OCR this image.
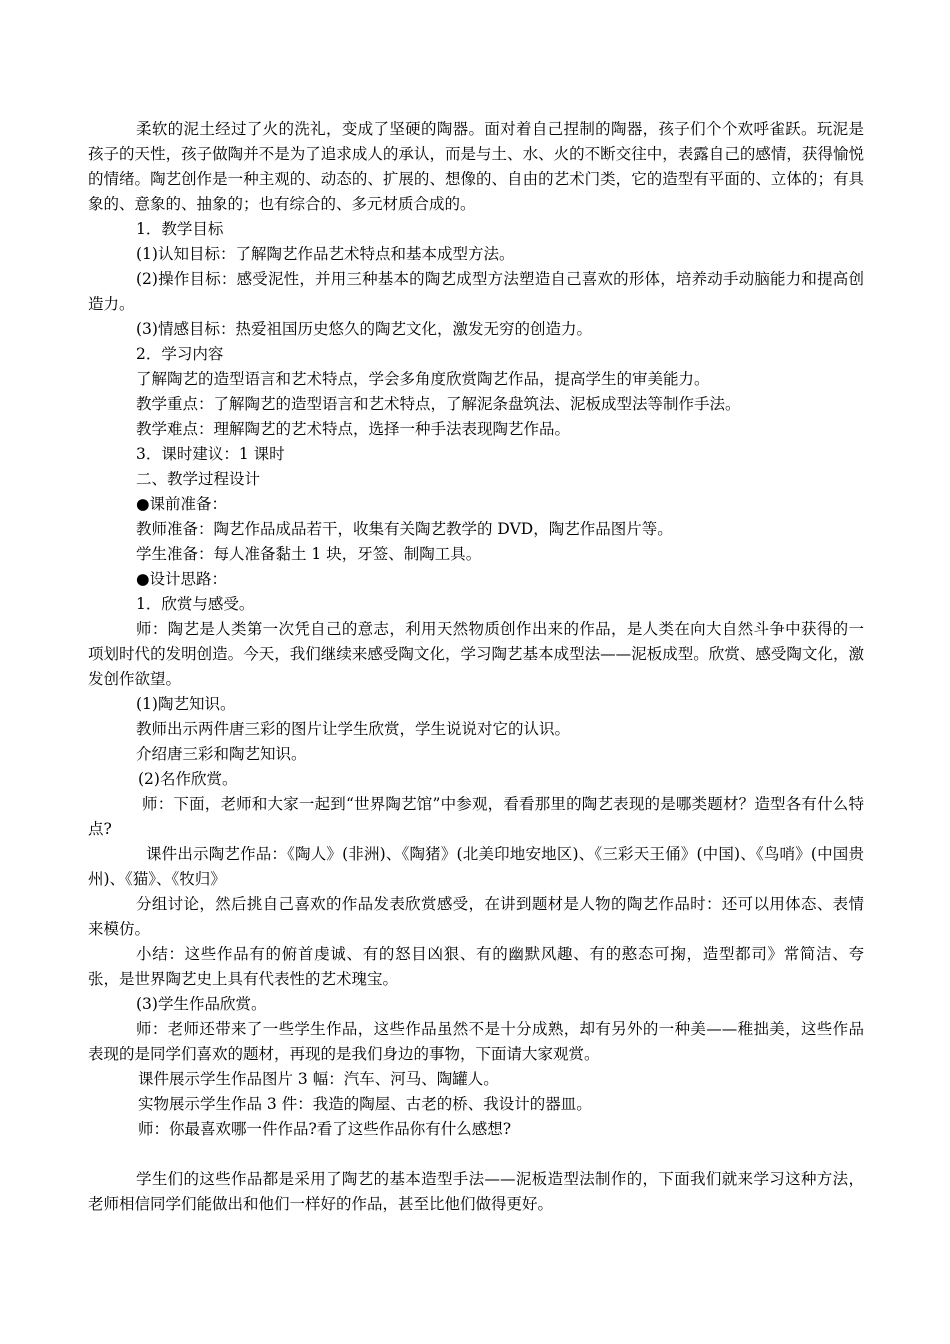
柔软的泥土经过了火的洗礼，变成了坚硬的陶器。面对着自己捏制的陶器，孩子们个个欢呼雀跃。玩泥是孩子的天性，孩子做陶并不是为了追求成人的承认，而是与土、水、火的不断交往中，表露自己的感情，获得愉悦的情绪。陶艺创作是一种主观的、动态的、扩展的、想像的、自由的艺术门类，它的造型有平面的、立体的；有具象的、意象的、抽象的；也有综合的、多元材质合成的。

1．教学目标

(1)认知目标：了解陶艺作品艺术特点和基本成型方法。

(2)操作目标：感受泥性，并用三种基本的陶艺成型方法塑造自己喜欢的形体，培养动手动脑能力和提高创造力。

(3)情感目标：热爱祖国历史悠久的陶艺文化，激发无穷的创造力。

2．学习内容

了解陶艺的造型语言和艺术特点，学会多角度欣赏陶艺作品，提高学生的审美能力。

教学重点：了解陶艺的造型语言和艺术特点，了解泥条盘筑法、泥板成型法等制作手法。

教学难点：理解陶艺的艺术特点，选择一种手法表现陶艺作品。

3．课时建议：1 课时

二、教学过程设计

●课前准备：

教师准备：陶艺作品成品若干，收集有关陶艺教学的 DVD，陶艺作品图片等。

学生准备：每人准备黏土 1 块，牙签、制陶工具。

●设计思路：

1．欣赏与感受。

师：陶艺是人类第一次凭自己的意志，利用天然物质创作出来的作品，是人类在向大自然斗争中获得的一项划时代的发明创造。今天，我们继续来感受陶文化，学习陶艺基本成型法——泥板成型。欣赏、感受陶文化，激发创作欲望。

(1)陶艺知识。

教师出示两件唐三彩的图片让学生欣赏，学生说说对它的认识。

介绍唐三彩和陶艺知识。

(2)名作欣赏。

师：下面，老师和大家一起到“世界陶艺馆”中参观，看看那里的陶艺表现的是哪类题材？造型各有什么特点?

课件出示陶艺作品：《陶人》(非洲)、《陶猪》(北美印地安地区)、《三彩天王俑》(中国)、《鸟哨》(中国贵州)、《猫》、《牧归》

分组讨论，然后挑自己喜欢的作品发表欣赏感受，在讲到题材是人物的陶艺作品时：还可以用体态、表情来模仿。

小结：这些作品有的俯首虔诚、有的怒目凶狠、有的幽默风趣、有的憨态可掬，造型都司》常简洁、夸张，是世界陶艺史上具有代表性的艺术瑰宝。

(3)学生作品欣赏。

师：老师还带来了一些学生作品，这些作品虽然不是十分成熟，却有另外的一种美——稚拙美，这些作品表现的是同学们喜欢的题材，再现的是我们身边的事物，下面请大家观赏。

课件展示学生作品图片 3 幅：汽车、河马、陶罐人。

实物展示学生作品 3 件：我造的陶屋、古老的桥、我设计的器皿。

师：你最喜欢哪一件作品?看了这些作品你有什么感想?

学生们的这些作品都是采用了陶艺的基本造型手法——泥板造型法制作的，下面我们就来学习这种方法，老师相信同学们能做出和他们一样好的作品，甚至比他们做得更好。
